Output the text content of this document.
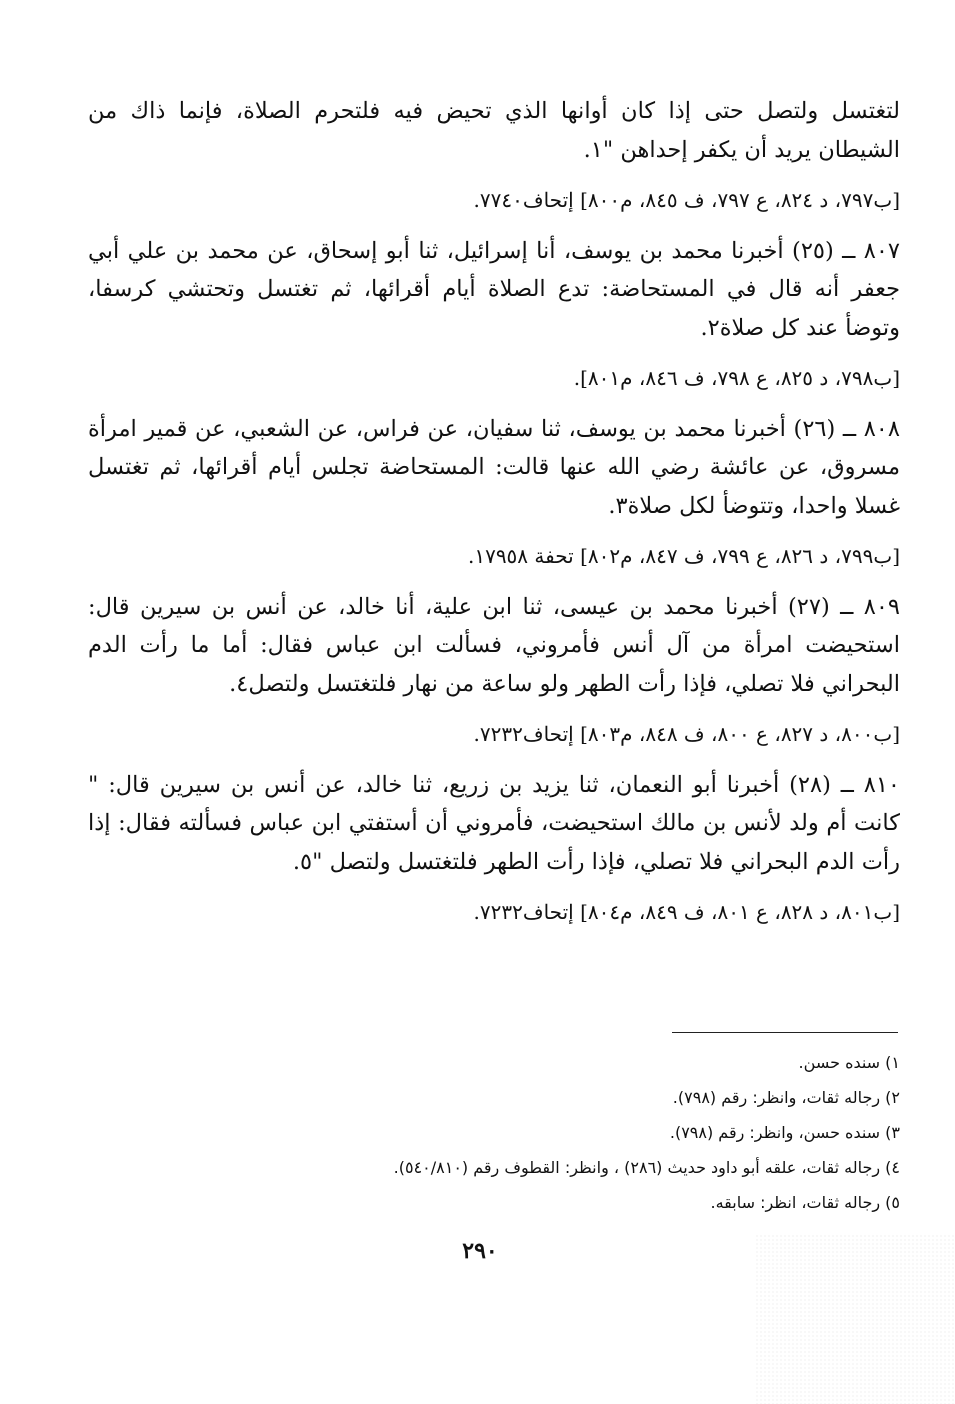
لتغتسل ولتصل حتى إذا كان أوانها الذي تحيض فيه فلتحرم الصلاة، فإنما ذاك من الشيطان يريد أن يكفر إحداهن "١.

[ب٧٩٧، د ٨٢٤، ع ٧٩٧، ف ٨٤٥، م٨٠٠] إتحاف٧٧٤٠.

٨٠٧ ــ (٢٥) أخبرنا محمد بن يوسف، أنا إسرائيل، ثنا أبو إسحاق، عن محمد بن علي أبي جعفر أنه قال في المستحاضة: تدع الصلاة أيام أقرائها، ثم تغتسل وتحتشي كرسفا، وتوضأ عند كل صلاة٢.

[ب٧٩٨، د ٨٢٥، ع ٧٩٨، ف ٨٤٦، م٨٠١].

٨٠٨ ــ (٢٦) أخبرنا محمد بن يوسف، ثنا سفيان، عن فراس، عن الشعبي، عن قمير امرأة مسروق، عن عائشة رضي الله عنها قالت: المستحاضة تجلس أيام أقرائها، ثم تغتسل غسلا واحدا، وتتوضأ لكل صلاة٣.

[ب٧٩٩، د ٨٢٦، ع ٧٩٩، ف ٨٤٧، م٨٠٢] تحفة ١٧٩٥٨.

٨٠٩ ــ (٢٧) أخبرنا محمد بن عيسى، ثنا ابن علية، أنا خالد، عن أنس بن سيرين قال: استحيضت امرأة من آل أنس فأمروني، فسألت ابن عباس فقال: أما ما رأت الدم البحراني فلا تصلي، فإذا رأت الطهر ولو ساعة من نهار فلتغتسل ولتصل٤.

[ب٨٠٠، د ٨٢٧، ع ٨٠٠، ف ٨٤٨، م٨٠٣] إتحاف٧٢٣٢.

٨١٠ ــ (٢٨) أخبرنا أبو النعمان، ثنا يزيد بن زريع، ثنا خالد، عن أنس بن سيرين قال: " كانت أم ولد لأنس بن مالك استحيضت، فأمروني أن أستفتي ابن عباس فسألته فقال: إذا رأت الدم البحراني فلا تصلي، فإذا رأت الطهر فلتغتسل ولتصل "٥.

[ب٨٠١، د ٨٢٨، ع ٨٠١، ف ٨٤٩، م٨٠٤] إتحاف٧٢٣٢.

١) سنده حسن.

٢) رجاله ثقات، وانظر: رقم (٧٩٨).

٣) سنده حسن، وانظر: رقم (٧٩٨).

٤) رجاله ثقات، علقه أبو داود حديث (٢٨٦) ، وانظر: القطوف رقم (٥٤٠/٨١٠).

٥) رجاله ثقات، انظر: سابقه.

٢٩٠
